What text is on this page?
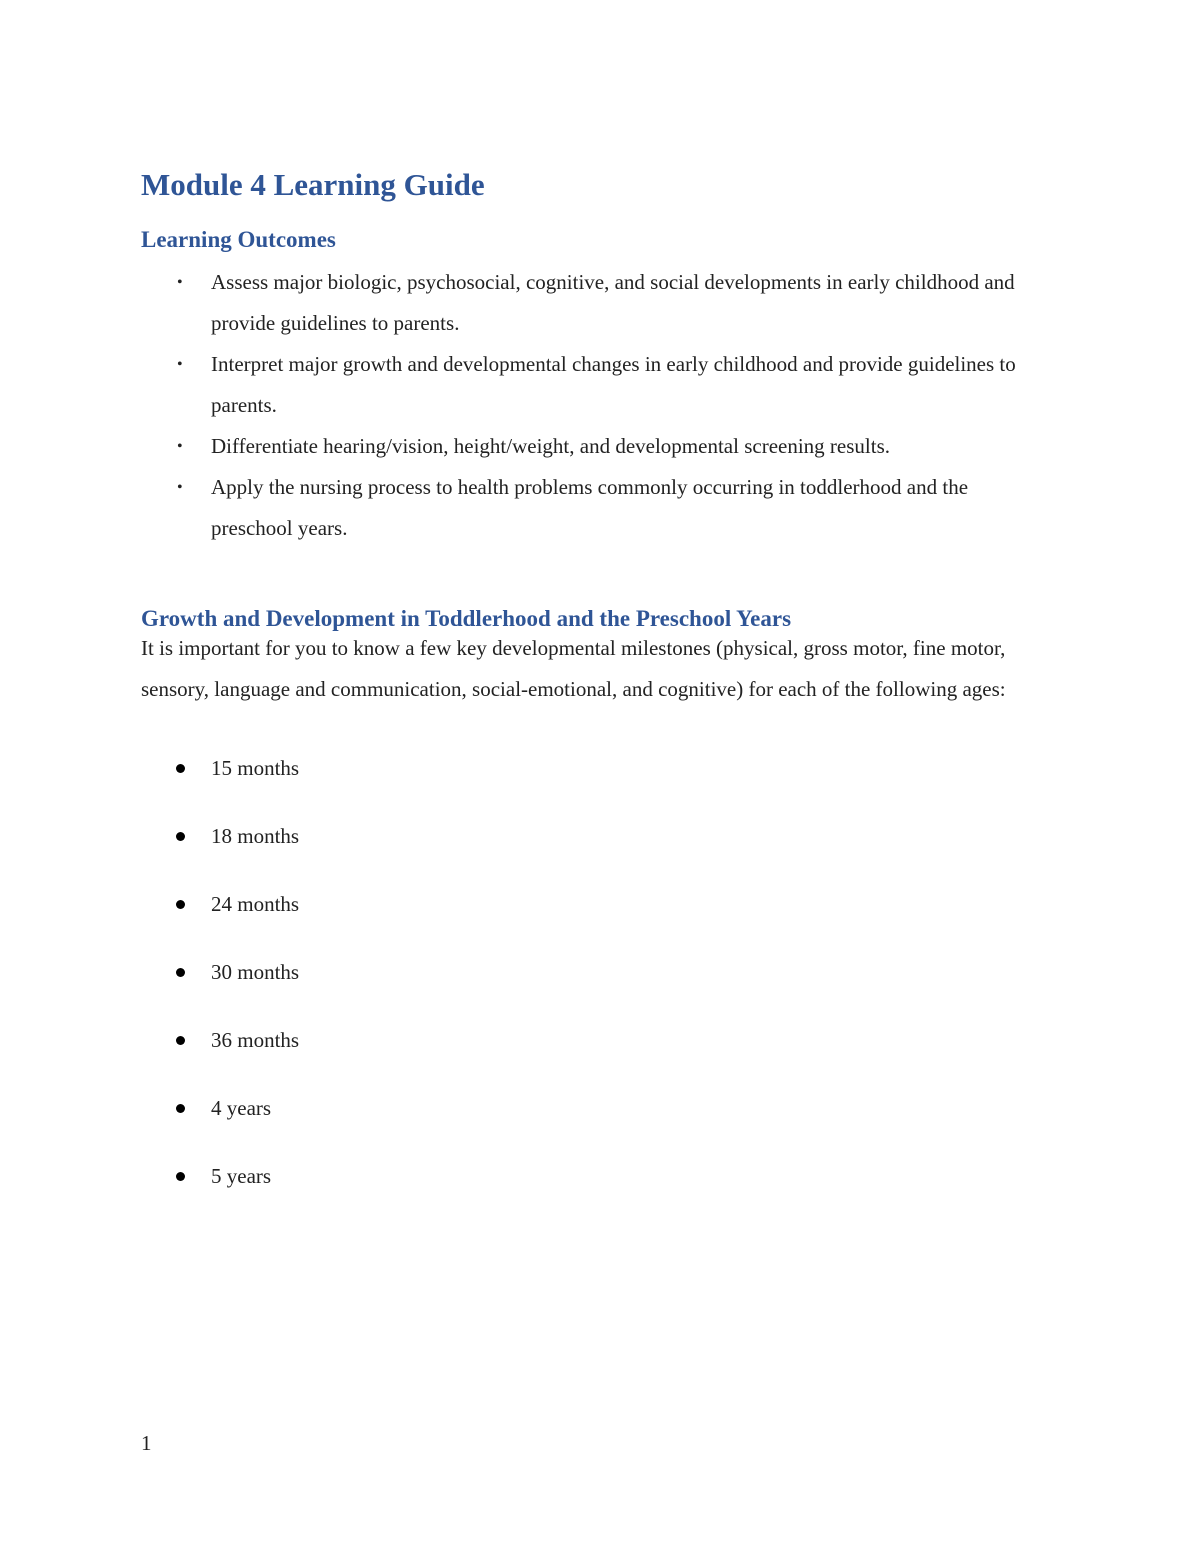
Module 4 Learning Guide
Learning Outcomes
• Assess major biologic, psychosocial, cognitive, and social developments in early childhood and provide guidelines to parents.
• Interpret major growth and developmental changes in early childhood and provide guidelines to parents.
• Differentiate hearing/vision, height/weight, and developmental screening results.
• Apply the nursing process to health problems commonly occurring in toddlerhood and the preschool years.
Growth and Development in Toddlerhood and the Preschool Years

It is important for you to know a few key developmental milestones (physical, gross motor, fine motor, sensory, language and communication, social-emotional, and cognitive) for each of the following ages:

15 months
18 months
24 months
30 months
36 months
4 years
5 years
1
